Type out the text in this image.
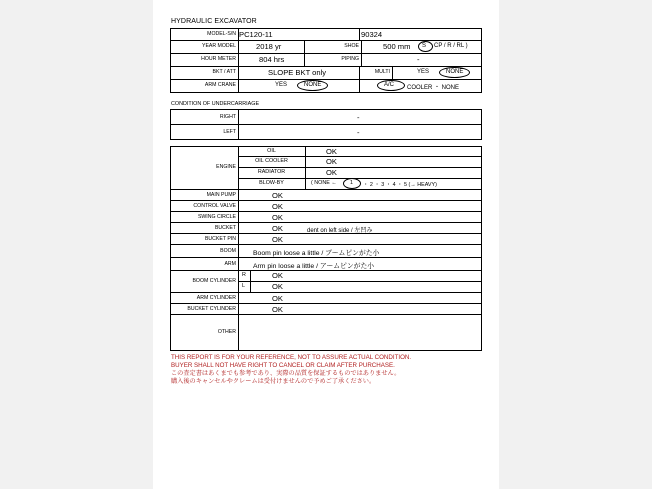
HYDRAULIC EXCAVATOR
MODEL-S/N PC120-11	90324
YEAR MODEL	2018 yr	SHOE	500 mm S CP / R / RL )
HOUR METER	804 hrs	PIPING	-
BKT / ATT	SLOPE BKT only	MULTI	YES	NONE
ARM CRANE	YES	NONE	A/C COOLER ・ NONE
CONDITION OF UNDERCARRIAGE
RIGHT	-
LEFT	-
ENGINE
OIL	OK
OIL COOLER	OK
RADIATOR	OK
BLOW-BY	( NONE ← 1 ・ 2 ・ 3 ・ 4 ・ 5 (→ HEAVY)
MAIN PUMP	OK
CONTROL VALVE	OK
SWING CIRCLE	OK
BUCKET	OK	dent on left side / 左凹み
BUCKET PIN	OK
BOOM	Boom pin loose a little / ブームピンがた小
ARM	Arm pin loose a little / アームピンがた小
BOOM CYLINDER
R	OK
L	OK
ARM CYLINDER	OK
BUCKET CYLINDER	OK
OTHER
THIS REPORT IS FOR YOUR REFERENCE, NOT TO ASSURE ACTUAL CONDITION.
BUYER SHALL NOT HAVE RIGHT TO CANCEL OR CLAIM AFTER PURCHASE.
この査定書はあくまでも参考であり、実際の品質を保証するものではありません。
購入後のキャンセルやクレームは受付けませんので予めご了承ください。
